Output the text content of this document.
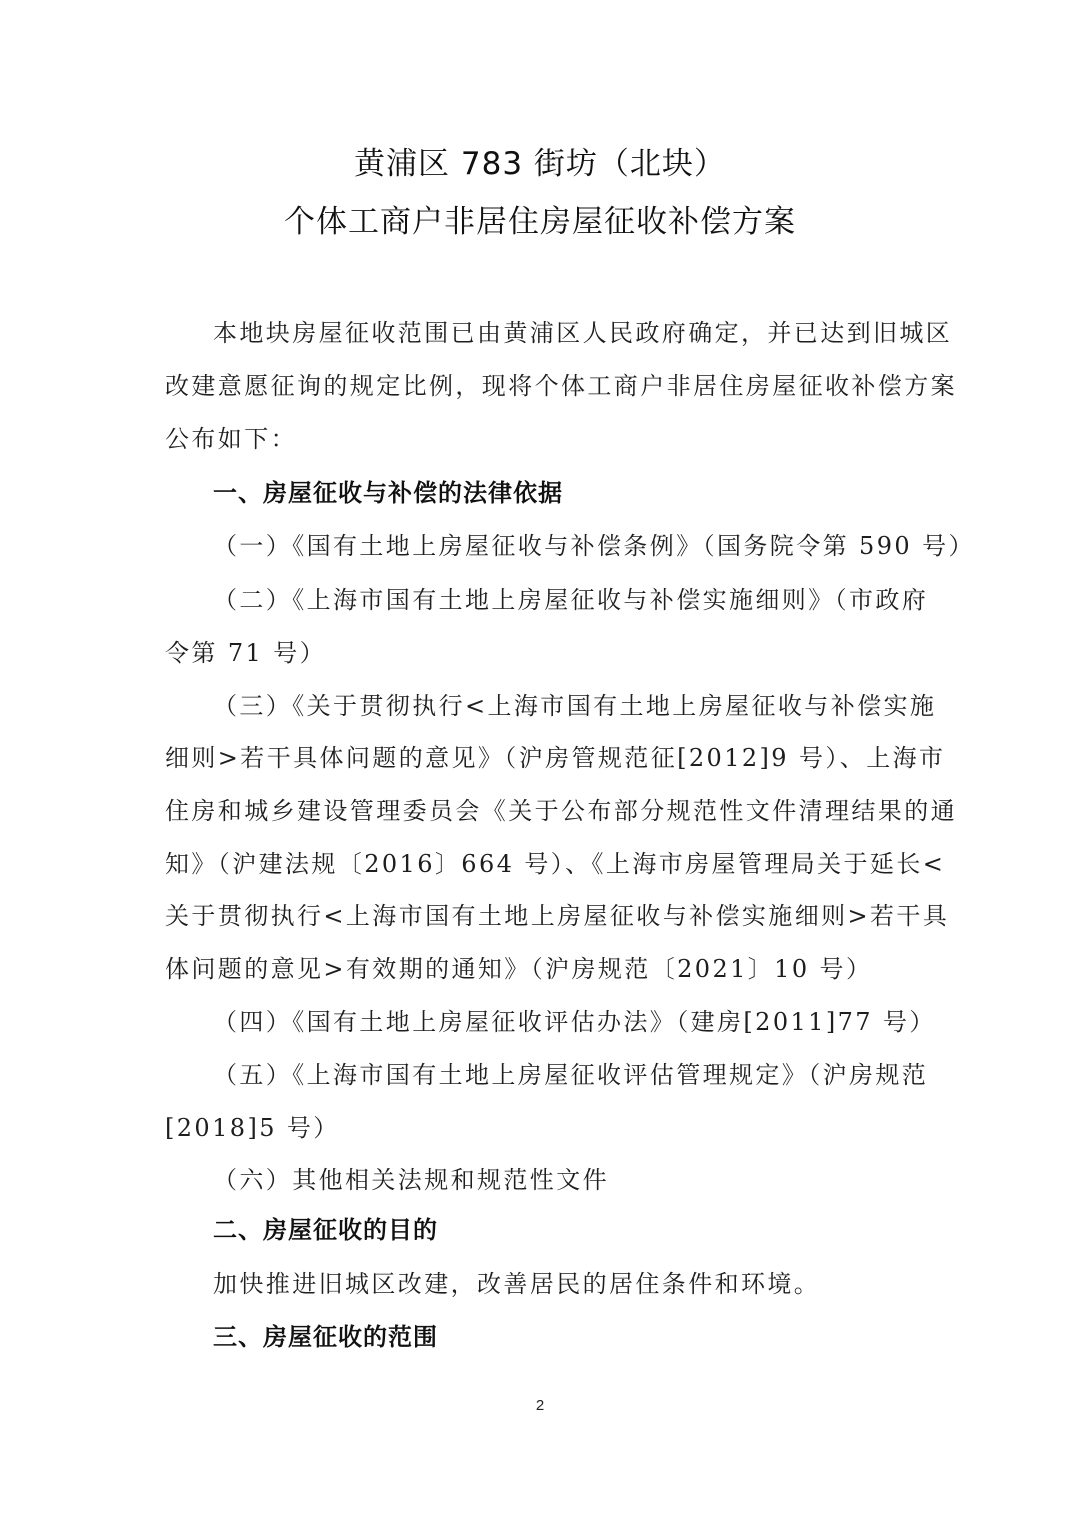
黄浦区 783 街坊（北块）
个体工商户非居住房屋征收补偿方案
本地块房屋征收范围已由黄浦区人民政府确定，并已达到旧城区
改建意愿征询的规定比例，现将个体工商户非居住房屋征收补偿方案
公布如下：
一、房屋征收与补偿的法律依据
（一）《国有土地上房屋征收与补偿条例》（国务院令第 590 号）
（二）《上海市国有土地上房屋征收与补偿实施细则》（市政府
令第 71 号）
（三）《关于贯彻执行<上海市国有土地上房屋征收与补偿实施
细则>若干具体问题的意见》（沪房管规范征[2012]9 号）、上海市
住房和城乡建设管理委员会《关于公布部分规范性文件清理结果的通
知》（沪建法规〔2016〕664 号）、《上海市房屋管理局关于延长<
关于贯彻执行<上海市国有土地上房屋征收与补偿实施细则>若干具
体问题的意见>有效期的通知》（沪房规范〔2021〕10 号）
（四）《国有土地上房屋征收评估办法》（建房[2011]77 号）
（五）《上海市国有土地上房屋征收评估管理规定》（沪房规范
[2018]5 号）
（六）其他相关法规和规范性文件
二、房屋征收的目的
加快推进旧城区改建，改善居民的居住条件和环境。
三、房屋征收的范围
2
